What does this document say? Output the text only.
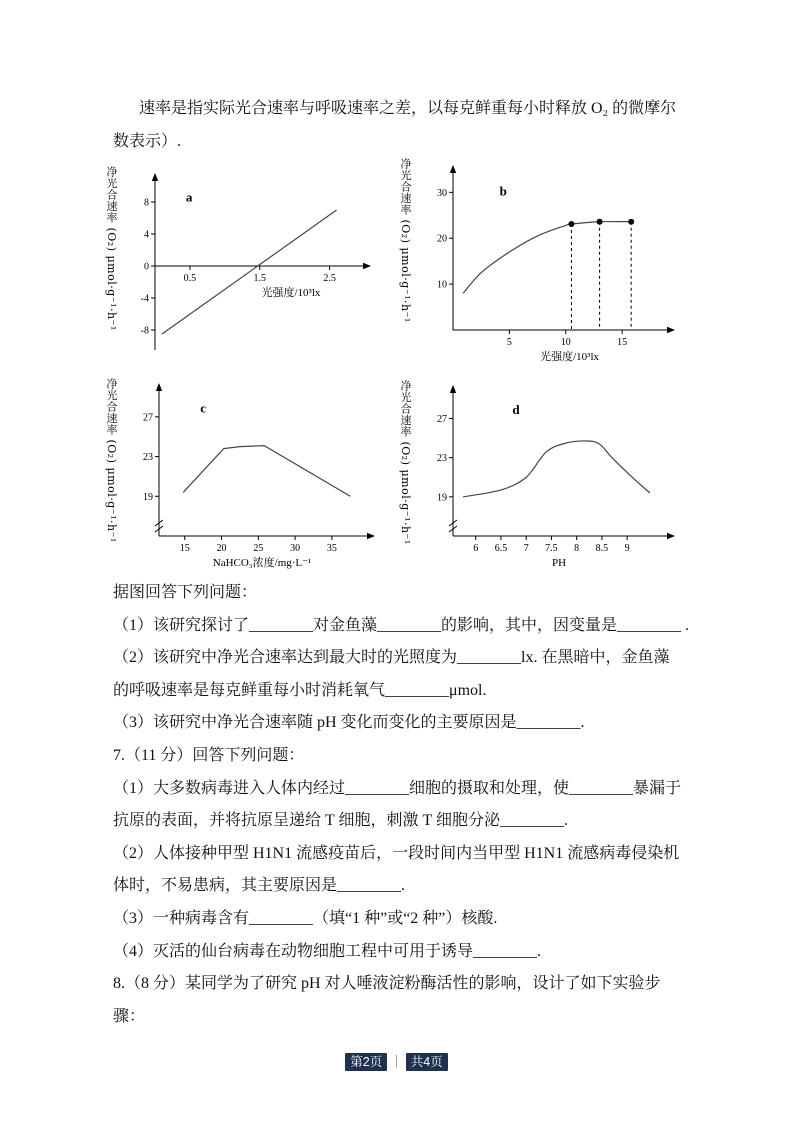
速率是指实际光合速率与呼吸速率之差，以每克鲜重每小时释放 O₂ 的微摩尔
数表示）.
净光合速率 (O₂) μmol·g⁻¹·h⁻¹	0.5	1.5	2.5
-8
-4
0
4
8	a
光强度/10³lx	净光合速率 (O₂) μmol·g⁻¹·h⁻¹
5	10	15
10
20
30	b
光强度/10³lx
净光合速率 (O₂) μmol·g⁻¹·h⁻¹
15	20	25	30	35
19
23
27
c
NaHCO₃浓度/mg·L⁻¹
净光合速率 (O₂) μmol·g⁻¹·h⁻¹
6 6.5 7 7.5 8 8.5 9
19
23
27
d
PH
据图回答下列问题：
（1）该研究探讨了________对金鱼藻________的影响，其中，因变量是________ .
（2）该研究中净光合速率达到最大时的光照度为________lx. 在黑暗中，金鱼藻
的呼吸速率是每克鲜重每小时消耗氧气________μmol.
（3）该研究中净光合速率随 pH 变化而变化的主要原因是________.
7.（11 分）回答下列问题：
（1）大多数病毒进入人体内经过________细胞的摄取和处理，使________暴漏于
抗原的表面，并将抗原呈递给 T 细胞，刺激 T 细胞分泌________.
（2）人体接种甲型 H1N1 流感疫苗后，一段时间内当甲型 H1N1 流感病毒侵染机
体时，不易患病，其主要原因是________.
（3）一种病毒含有________（填“1 种”或“2 种”）核酸.
（4）灭活的仙台病毒在动物细胞工程中可用于诱导________.
8.（8 分）某同学为了研究 pH 对人唾液淀粉酶活性的影响，设计了如下实验步
骤：
第2页 ｜ 共4页
